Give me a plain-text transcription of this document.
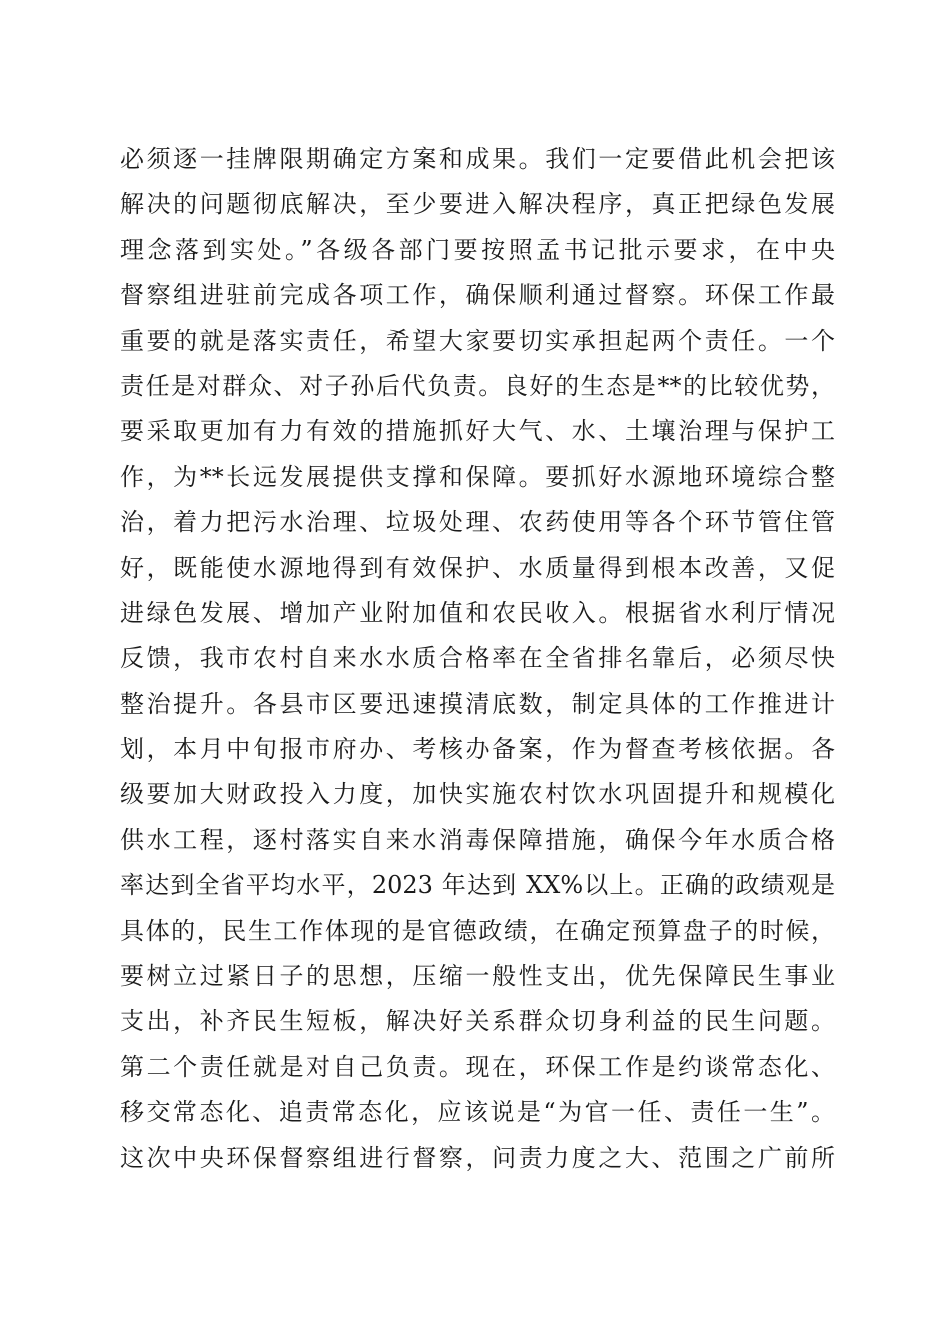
必须逐一挂牌限期确定方案和成果。我们一定要借此机会把该
解决的问题彻底解决，至少要进入解决程序，真正把绿色发展
理念落到实处。”各级各部门要按照孟书记批示要求，在中央
督察组进驻前完成各项工作，确保顺利通过督察。环保工作最
重要的就是落实责任，希望大家要切实承担起两个责任。一个
责任是对群众、对子孙后代负责。良好的生态是**的比较优势，
要采取更加有力有效的措施抓好大气、水、土壤治理与保护工
作，为**长远发展提供支撑和保障。要抓好水源地环境综合整
治，着力把污水治理、垃圾处理、农药使用等各个环节管住管
好，既能使水源地得到有效保护、水质量得到根本改善，又促
进绿色发展、增加产业附加值和农民收入。根据省水利厅情况
反馈，我市农村自来水水质合格率在全省排名靠后，必须尽快
整治提升。各县市区要迅速摸清底数，制定具体的工作推进计
划，本月中旬报市府办、考核办备案，作为督查考核依据。各
级要加大财政投入力度，加快实施农村饮水巩固提升和规模化
供水工程，逐村落实自来水消毒保障措施，确保今年水质合格
率达到全省平均水平，2023 年达到 XX%以上。正确的政绩观是
具体的，民生工作体现的是官德政绩，在确定预算盘子的时候，
要树立过紧日子的思想，压缩一般性支出，优先保障民生事业
支出，补齐民生短板，解决好关系群众切身利益的民生问题。
第二个责任就是对自己负责。现在，环保工作是约谈常态化、
移交常态化、追责常态化，应该说是“为官一任、责任一生”。
这次中央环保督察组进行督察，问责力度之大、范围之广前所
